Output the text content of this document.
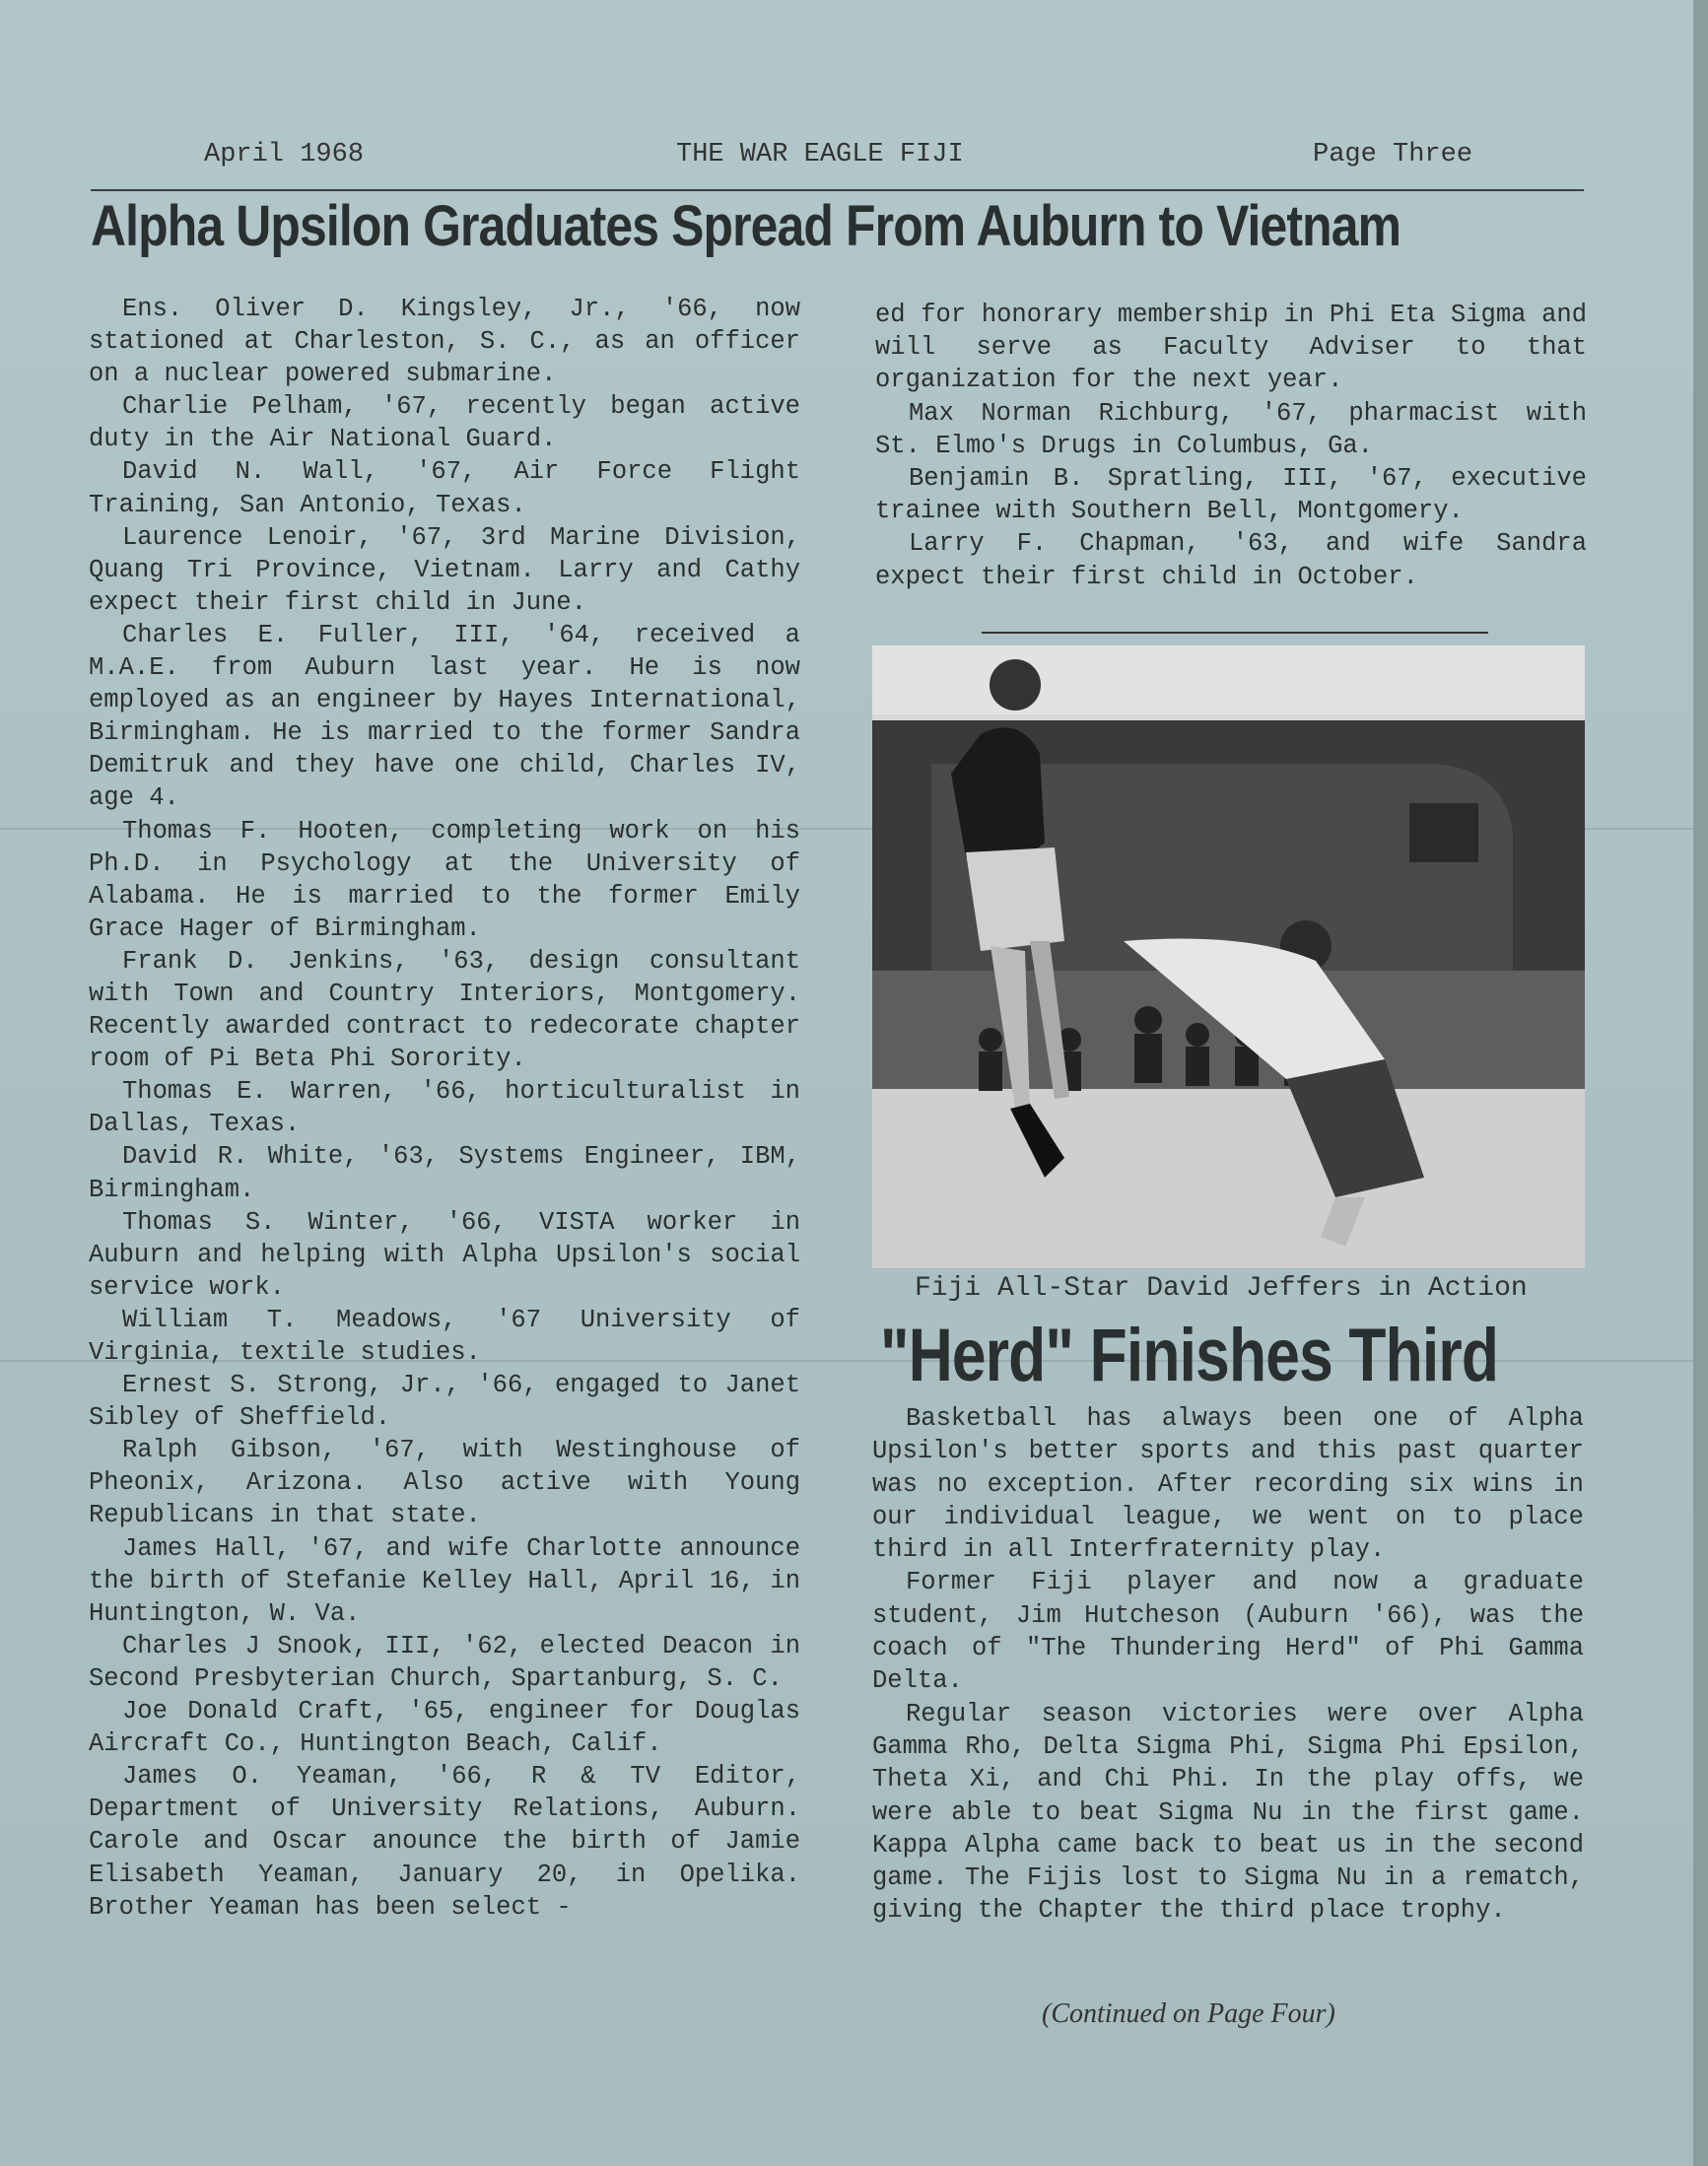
April 1968	THE WAR EAGLE FIJI	Page Three
Alpha Upsilon Graduates Spread From Auburn to Vietnam

Ens. Oliver D. Kingsley, Jr., '66, now stationed at Charleston, S. C., as an officer on a nuclear powered submarine.

Charlie Pelham, '67, recently began active duty in the Air National Guard.

David N. Wall, '67, Air Force Flight Training, San Antonio, Texas.

Laurence Lenoir, '67, 3rd Marine Division, Quang Tri Province, Vietnam. Larry and Cathy expect their first child in June.

Charles E. Fuller, III, '64, received a M.A.E. from Auburn last year. He is now employed as an engineer by Hayes International, Birmingham. He is married to the former Sandra Demitruk and they have one child, Charles IV, age 4.

Thomas F. Hooten, completing work on his Ph.D. in Psychology at the University of Alabama. He is married to the former Emily Grace Hager of Birmingham.

Frank D. Jenkins, '63, design consultant with Town and Country Interiors, Montgomery. Recently awarded contract to redecorate chapter room of Pi Beta Phi Sorority.

Thomas E. Warren, '66, horticulturalist in Dallas, Texas.

David R. White, '63, Systems Engineer, IBM, Birmingham.

Thomas S. Winter, '66, VISTA worker in Auburn and helping with Alpha Upsilon's social service work.

William T. Meadows, '67 University of Virginia, textile studies.

Ernest S. Strong, Jr., '66, engaged to Janet Sibley of Sheffield.

Ralph Gibson, '67, with Westinghouse of Pheonix, Arizona. Also active with Young Republicans in that state.

James Hall, '67, and wife Charlotte announce the birth of Stefanie Kelley Hall, April 16, in Huntington, W. Va.

Charles J Snook, III, '62, elected Deacon in Second Presbyterian Church, Spartanburg, S. C.

Joe Donald Craft, '65, engineer for Douglas Aircraft Co., Huntington Beach, Calif.

James O. Yeaman, '66, R & TV Editor, Department of University Relations, Auburn. Carole and Oscar anounce the birth of Jamie Elisabeth Yeaman, January 20, in Opelika. Brother Yeaman has been select -

ed for honorary membership in Phi Eta Sigma and will serve as Faculty Adviser to that organization for the next year.

Max Norman Richburg, '67, pharmacist with St. Elmo's Drugs in Columbus, Ga.

Benjamin B. Spratling, III, '67, executive trainee with Southern Bell, Montgomery.

Larry F. Chapman, '63, and wife Sandra expect their first child in October.

Fiji All-Star David Jeffers in Action
"Herd" Finishes Third

Basketball has always been one of Alpha Upsilon's better sports and this past quarter was no exception. After recording six wins in our individual league, we went on to place third in all Interfraternity play.

Former Fiji player and now a graduate student, Jim Hutcheson (Auburn '66), was the coach of "The Thundering Herd" of Phi Gamma Delta.

Regular season victories were over Alpha Gamma Rho, Delta Sigma Phi, Sigma Phi Epsilon, Theta Xi, and Chi Phi. In the play offs, we were able to beat Sigma Nu in the first game. Kappa Alpha came back to beat us in the second game. The Fijis lost to Sigma Nu in a rematch, giving the Chapter the third place trophy.

(Continued on Page Four)
